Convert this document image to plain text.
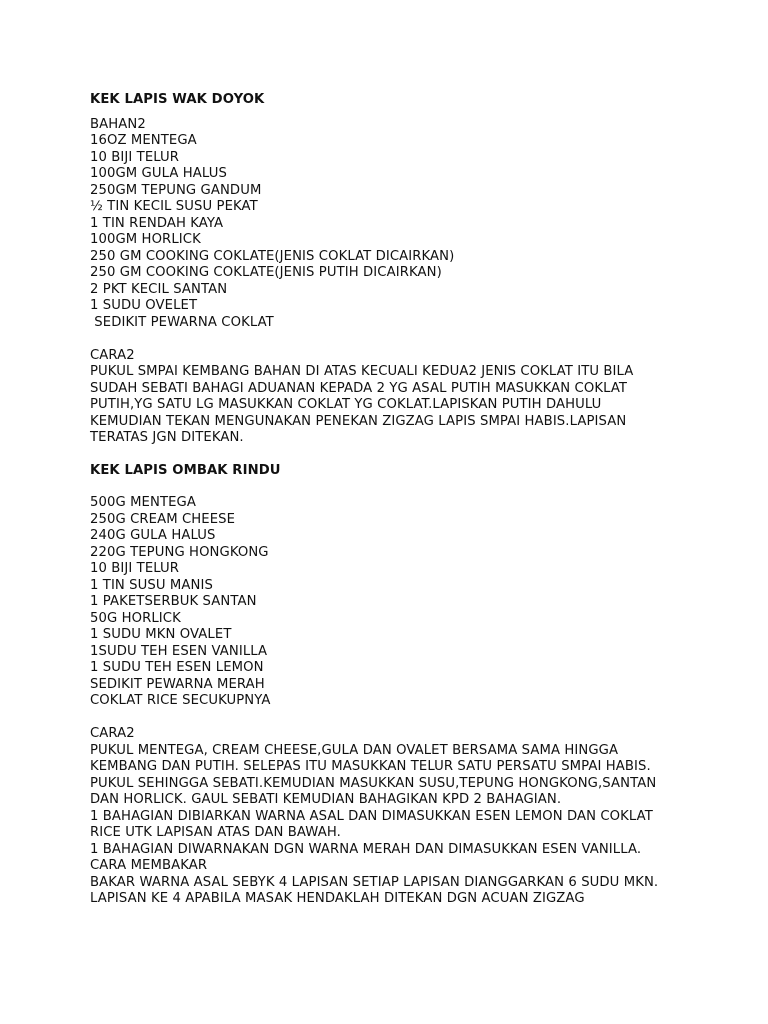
KEK LAPIS WAK DOYOK

BAHAN2
16OZ MENTEGA
10 BIJI TELUR
100GM GULA HALUS
250GM TEPUNG GANDUM
½ TIN KECIL SUSU PEKAT
1 TIN RENDAH KAYA
100GM HORLICK
250 GM COOKING COKLATE(JENIS COKLAT DICAIRKAN)
250 GM COOKING COKLATE(JENIS PUTIH DICAIRKAN)
2 PKT KECIL SANTAN
1 SUDU OVELET
SEDIKIT PEWARNA COKLAT
CARA2
PUKUL SMPAI KEMBANG BAHAN DI ATAS KECUALI KEDUA2 JENIS COKLAT ITU BILA
SUDAH SEBATI BAHAGI ADUANAN KEPADA 2 YG ASAL PUTIH MASUKKAN COKLAT
PUTIH,YG SATU LG MASUKKAN COKLAT YG COKLAT.LAPISKAN PUTIH DAHULU
KEMUDIAN TEKAN MENGUNAKAN PENEKAN ZIGZAG LAPIS SMPAI HABIS.LAPISAN
TERATAS JGN DITEKAN.

KEK LAPIS OMBAK RINDU

500G MENTEGA
250G CREAM CHEESE
240G GULA HALUS
220G TEPUNG HONGKONG
10 BIJI TELUR
1 TIN SUSU MANIS
1 PAKETSERBUK SANTAN
50G HORLICK
1 SUDU MKN OVALET
1SUDU TEH ESEN VANILLA
1 SUDU TEH ESEN LEMON
SEDIKIT PEWARNA MERAH
COKLAT RICE SECUKUPNYA
CARA2
PUKUL MENTEGA, CREAM CHEESE,GULA DAN OVALET BERSAMA SAMA HINGGA
KEMBANG DAN PUTIH. SELEPAS ITU MASUKKAN TELUR SATU PERSATU SMPAI HABIS.
PUKUL SEHINGGA SEBATI.KEMUDIAN MASUKKAN SUSU,TEPUNG HONGKONG,SANTAN
DAN HORLICK. GAUL SEBATI KEMUDIAN BAHAGIKAN KPD 2 BAHAGIAN.
1 BAHAGIAN DIBIARKAN WARNA ASAL DAN DIMASUKKAN ESEN LEMON DAN COKLAT
RICE UTK LAPISAN ATAS DAN BAWAH.
1 BAHAGIAN DIWARNAKAN DGN WARNA MERAH DAN DIMASUKKAN ESEN VANILLA.
CARA MEMBAKAR
BAKAR WARNA ASAL SEBYK 4 LAPISAN SETIAP LAPISAN DIANGGARKAN 6 SUDU MKN.
LAPISAN KE 4 APABILA MASAK HENDAKLAH DITEKAN DGN ACUAN ZIGZAG
